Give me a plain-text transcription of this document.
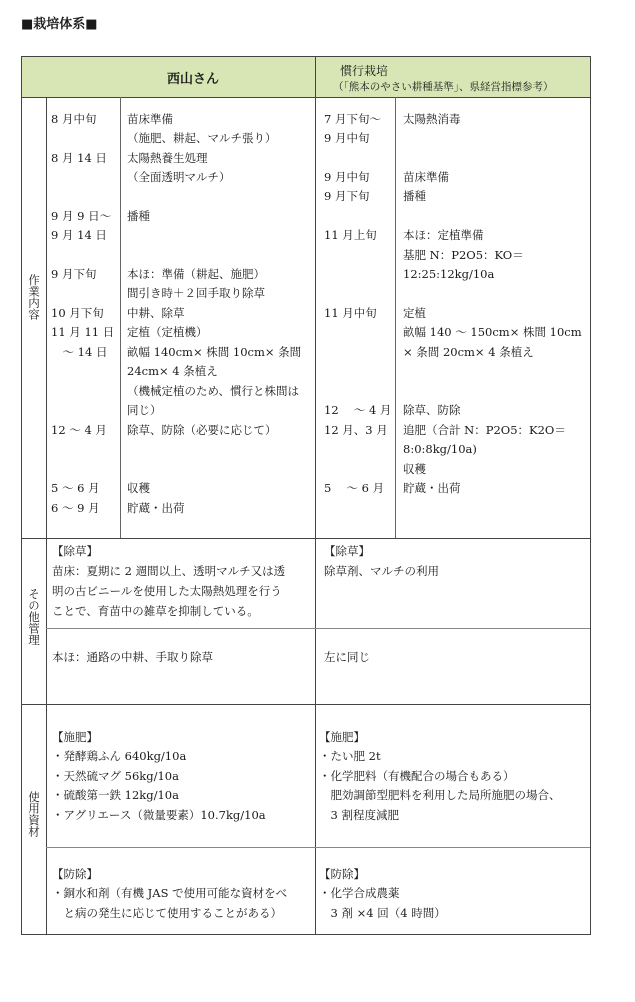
■栽培体系■
西山さん
慣行栽培
（「熊本のやさい耕種基準」、県経営指標参考）
作業内容
その他管理
使用資材
8 月中旬
8 月 14 日
9 月 9 日～
9 月 14 日
9 月下旬
10 月下旬
11 月 11 日
　～ 14 日
12 ～ 4 月
5 ～ 6 月
6 ～ 9 月
苗床準備
（施肥、耕起、マルチ張り）
太陽熱養生処理
（全面透明マルチ）
播種
本ほ：準備（耕起、施肥）
間引き時＋２回手取り除草
中耕、除草
定植（定植機）
畝幅 140cm× 株間 10cm× 条間
24cm× 4 条植え
（機械定植のため、慣行と株間は
同じ）
除草、防除（必要に応じて）
収穫
貯蔵・出荷
7 月下旬～
9 月中旬
9 月中旬
9 月下旬
11 月上旬
11 月中旬
12 　～ 4 月
12 月、3 月
5 　～ 6 月
太陽熱消毒
苗床準備
播種
本ほ：定植準備
基肥 N：P2O5：KO＝
12:25:12kg/10a
定植
畝幅 140 ～ 150cm× 株間 10cm
× 条間 20cm× 4 条植え
除草、防除
追肥（合計 N：P2O5：K2O＝
8:0:8kg/10a)
収穫
貯蔵・出荷
【除草】
苗床：夏期に 2 週間以上、透明マルチ又は透
明の古ビニールを使用した太陽熱処理を行う
ことで、育苗中の雑草を抑制している。
本ほ：通路の中耕、手取り除草
【除草】
除草剤、マルチの利用
左に同じ
【施肥】
・発酵鶏ふん 640kg/10a
・天然硫マグ 56kg/10a
・硫酸第一鉄 12kg/10a
・アグリエース（微量要素）10.7kg/10a
【防除】
・銅水和剤（有機 JAS で使用可能な資材をべ
　と病の発生に応じて使用することがある）
【施肥】
・たい肥 2t
・化学肥料（有機配合の場合もある）
　肥効調節型肥料を利用した局所施肥の場合、
　3 割程度減肥
【防除】
・化学合成農薬
　3 剤 ×4 回（4 時間）
